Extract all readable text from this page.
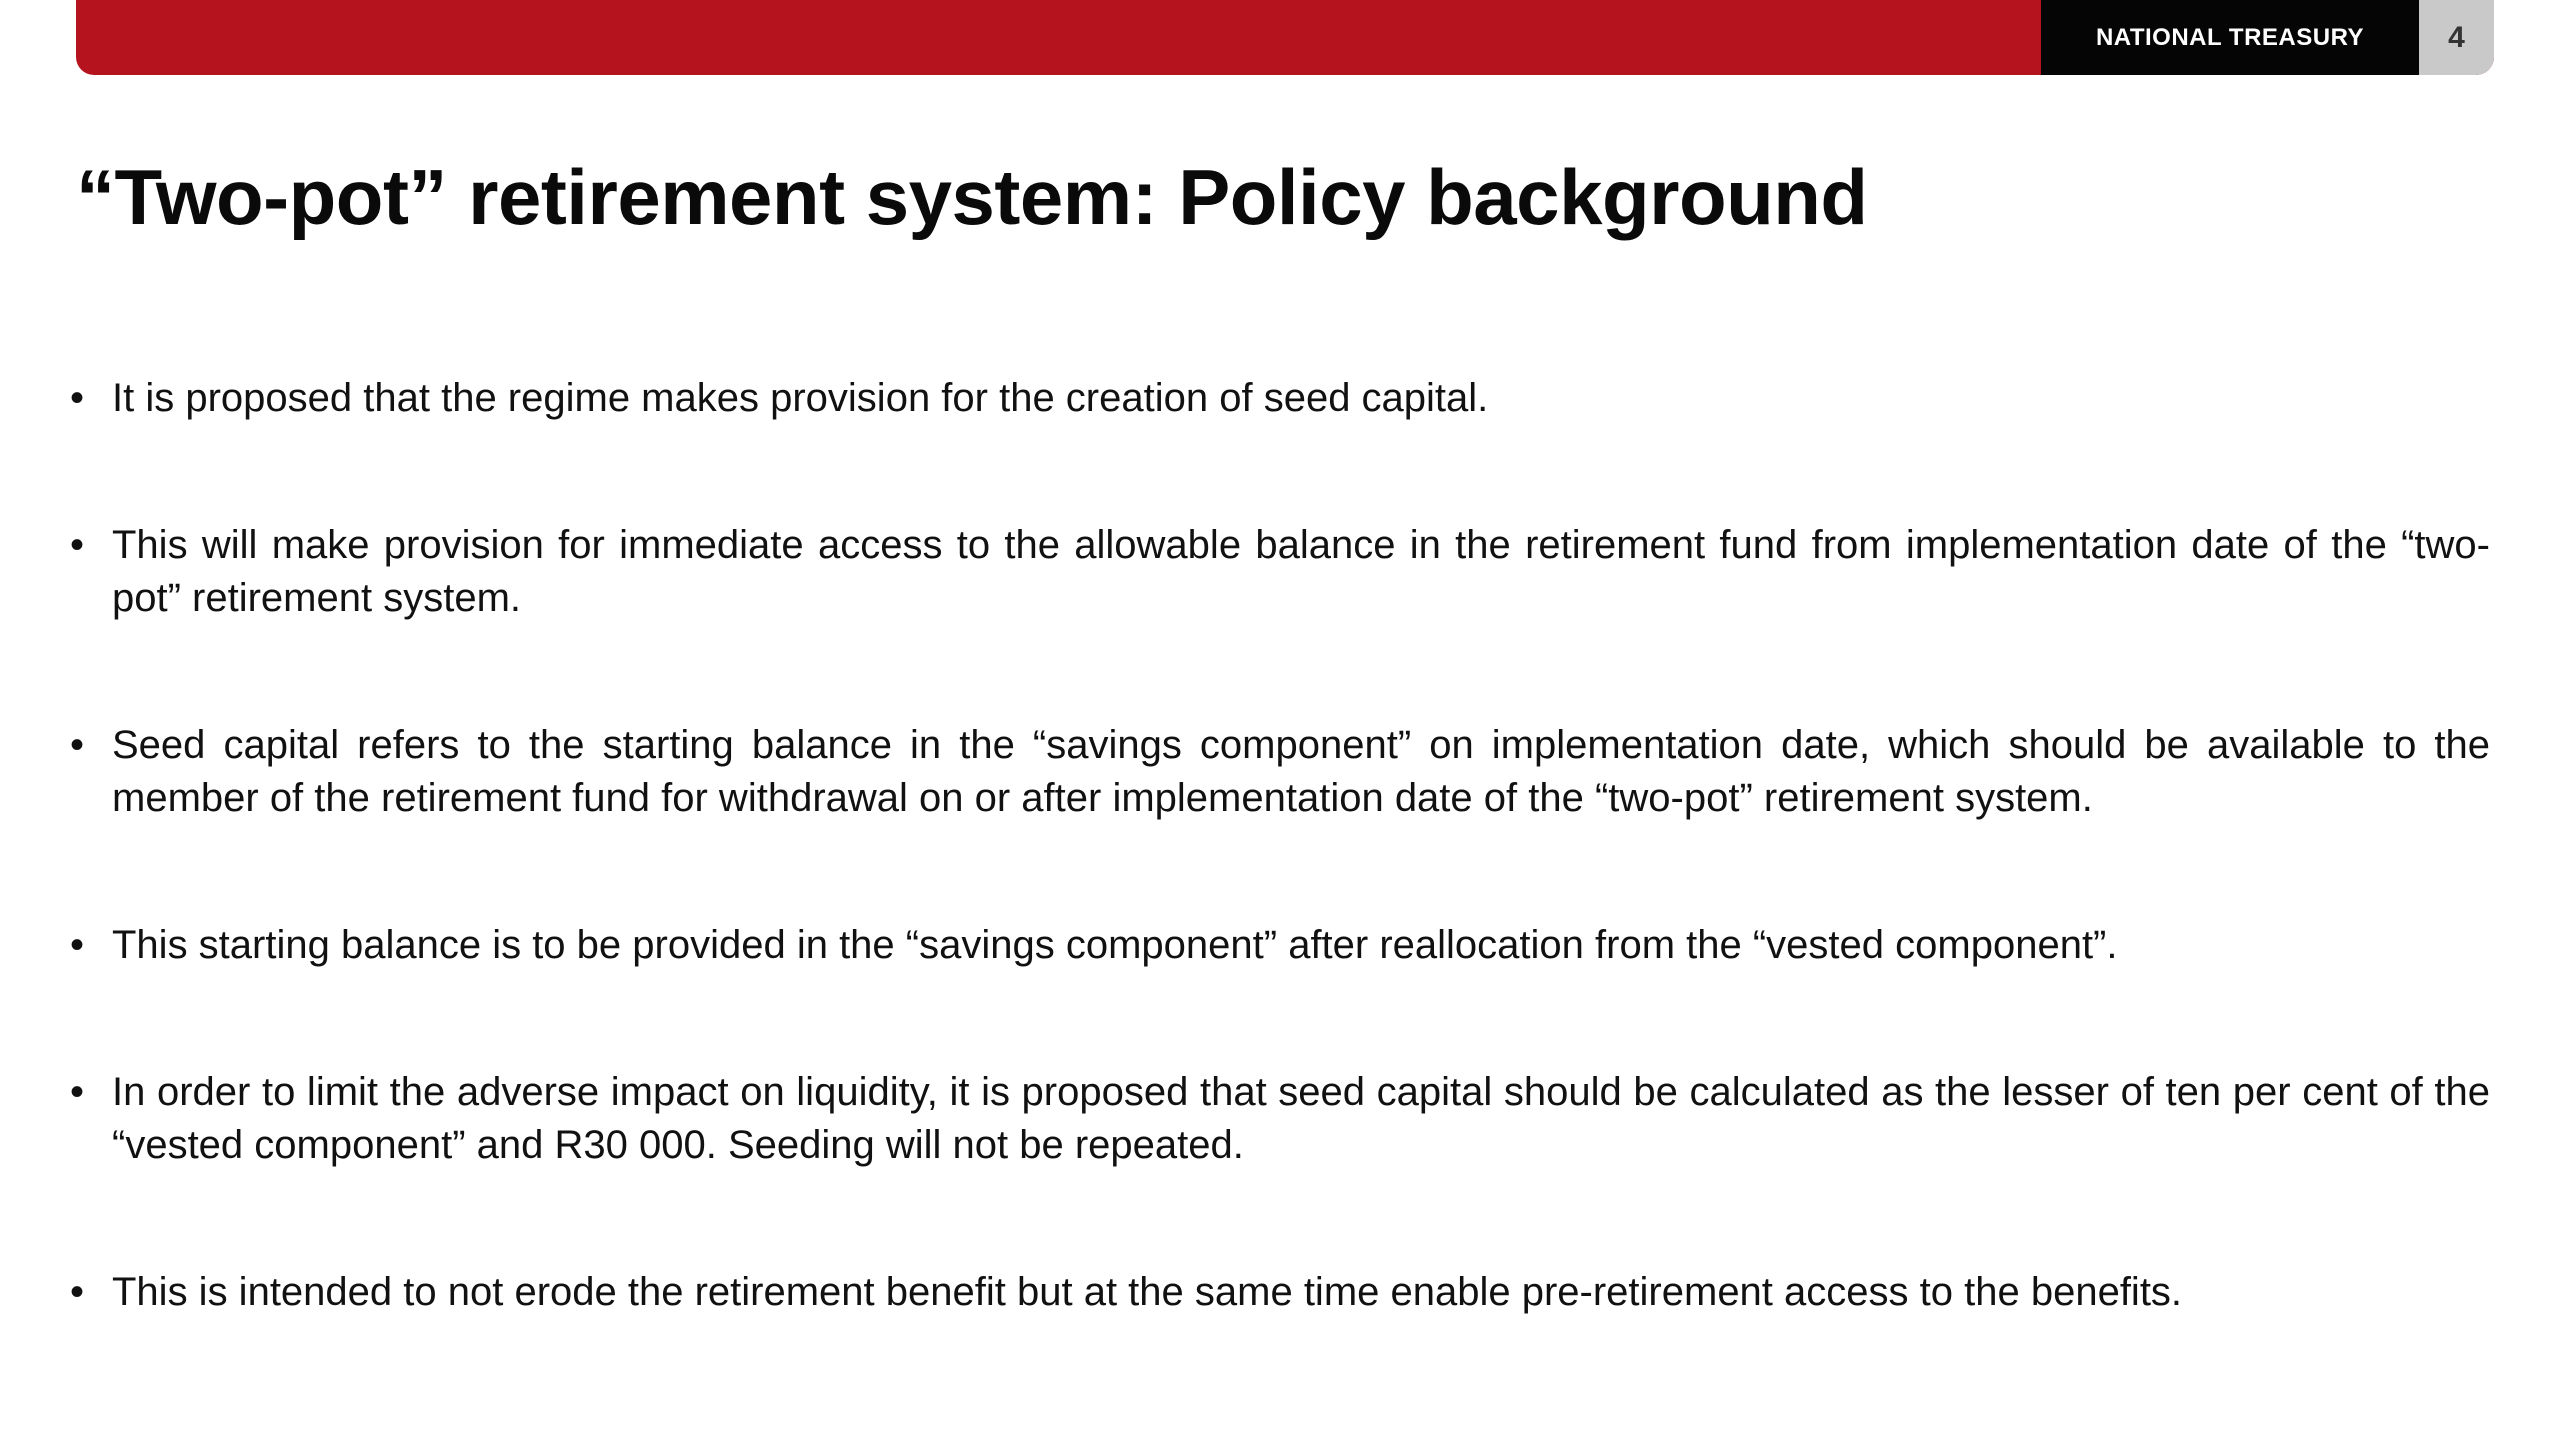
NATIONAL TREASURY	4
“Two-pot” retirement system: Policy background
• It is proposed that the regime makes provision for the creation of seed capital.
• This will make provision for immediate access to the allowable balance in the retirement fund from implementation date of the “two-pot” retirement system.
• Seed capital refers to the starting balance in the “savings component” on implementation date, which should be available to the member of the retirement fund for withdrawal on or after implementation date of the “two-pot” retirement system.
• This starting balance is to be provided in the “savings component” after reallocation from the “vested component”.
• In order to limit the adverse impact on liquidity, it is proposed that seed capital should be calculated as the lesser of ten per cent of the “vested component” and R30 000. Seeding will not be repeated.
• This is intended to not erode the retirement benefit but at the same time enable pre-retirement access to the benefits.
